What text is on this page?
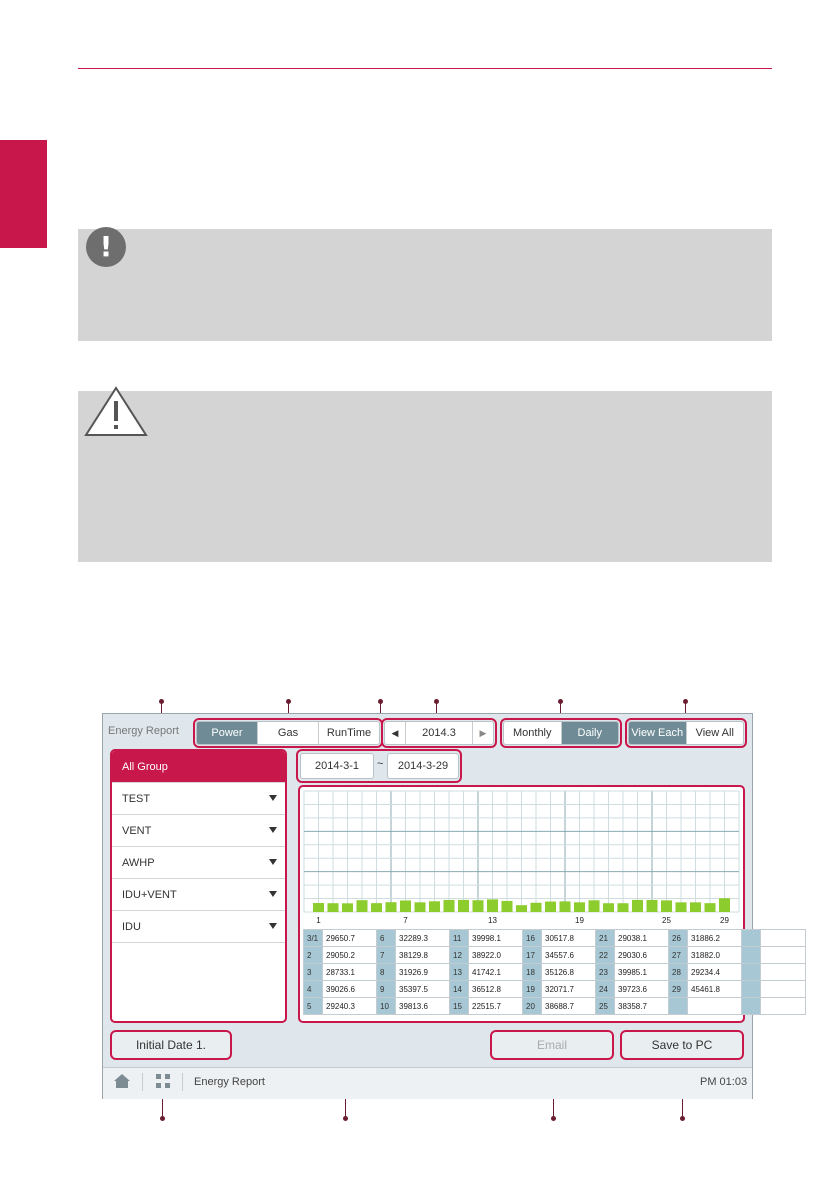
!
Energy Report	Power	Gas	RunTime	◀	2014.3	▶	Monthly	Daily	View Each	View All
All Group
TEST
VENT
AWHP
IDU+VENT
IDU
2014-3-1	~	2014-3-29
1	7	13	19	25	29
3/1	29650.7	6	32289.3	11	39998.1	16	30517.8	21	29038.1	26	31886.2		
2	29050.2	7	38129.8	12	38922.0	17	34557.6	22	29030.6	27	31882.0		
3	28733.1	8	31926.9	13	41742.1	18	35126.8	23	39985.1	28	29234.4		
4	39026.6	9	35397.5	14	36512.8	19	32071.7	24	39723.6	29	45461.8		
5	29240.3	10	39813.6	15	22515.7	20	38688.7	25	38358.7				
Initial Date 1.	Email	Save to PC
Energy Report	PM 01:03
